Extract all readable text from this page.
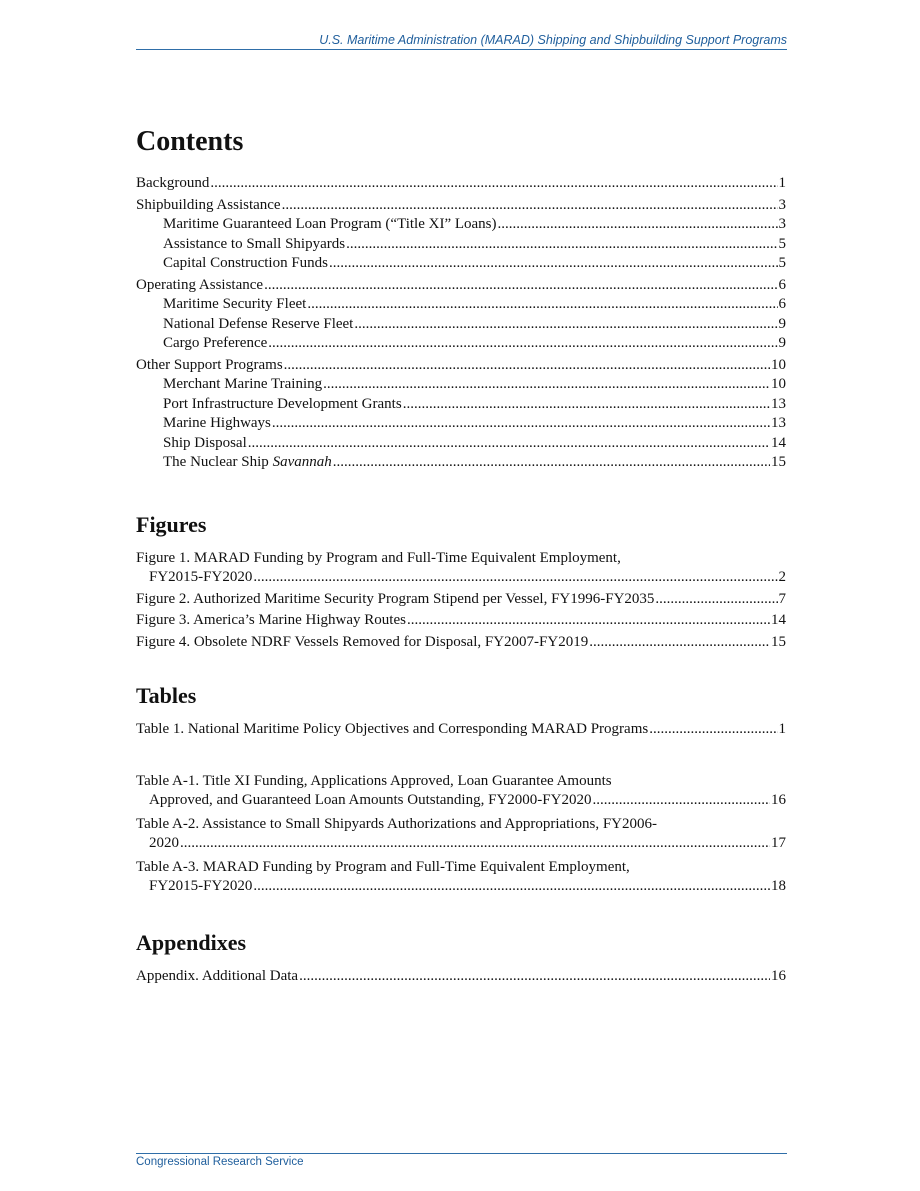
U.S. Maritime Administration (MARAD) Shipping and Shipbuilding Support Programs
Contents
Background .....	1
Shipbuilding Assistance .....	3
Maritime Guaranteed Loan Program (“Title XI” Loans) .....	3
Assistance to Small Shipyards .....	5
Capital Construction Funds .....	5
Operating Assistance .....	6
Maritime Security Fleet .....	6
National Defense Reserve Fleet .....	9
Cargo Preference .....	9
Other Support Programs .....	10
Merchant Marine Training .....	10
Port Infrastructure Development Grants .....	13
Marine Highways .....	13
Ship Disposal .....	14
The Nuclear Ship Savannah .....	15
Figures
Figure 1. MARAD Funding by Program and Full-Time Equivalent Employment,
FY2015-FY2020 .....	2
Figure 2. Authorized Maritime Security Program Stipend per Vessel, FY1996-FY2035 .....	7
Figure 3. America’s Marine Highway Routes .....	14
Figure 4. Obsolete NDRF Vessels Removed for Disposal, FY2007-FY2019 .....	15
Tables
Table 1. National Maritime Policy Objectives and Corresponding MARAD Programs .....	1
Table A-1. Title XI Funding, Applications Approved, Loan Guarantee Amounts
Approved, and Guaranteed Loan Amounts Outstanding, FY2000-FY2020 .....	16
Table A-2. Assistance to Small Shipyards Authorizations and Appropriations, FY2006-
2020 .....	17
Table A-3. MARAD Funding by Program and Full-Time Equivalent Employment,
FY2015-FY2020 .....	18
Appendixes
Appendix. Additional Data .....	16
Congressional Research Service
